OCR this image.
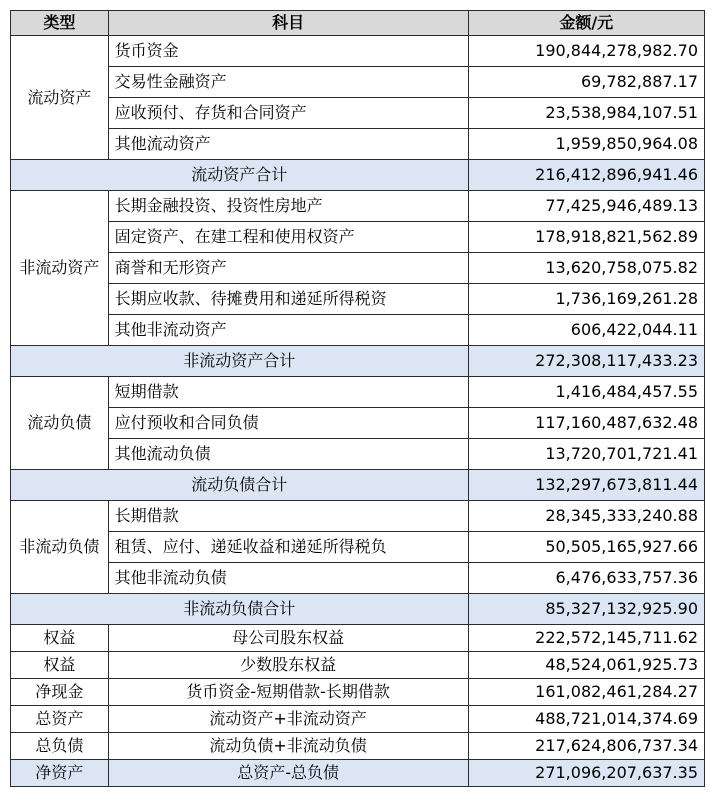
类型	科目	金额/元
流动资产	货币资金	190,844,278,982.70
	交易性金融资产	69,782,887.17
	应收预付、存货和合同资产	23,538,984,107.51
	其他流动资产	1,959,850,964.08
流动资产合计		216,412,896,941.46
非流动资产	长期金融投资、投资性房地产	77,425,946,489.13
	固定资产、在建工程和使用权资产	178,918,821,562.89
	商誉和无形资产	13,620,758,075.82
	长期应收款、待摊费用和递延所得税资	1,736,169,261.28
	其他非流动资产	606,422,044.11
非流动资产合计		272,308,117,433.23
流动负债	短期借款	1,416,484,457.55
	应付预收和合同负债	117,160,487,632.48
	其他流动负债	13,720,701,721.41
流动负债合计		132,297,673,811.44
非流动负债	长期借款	28,345,333,240.88
	租赁、应付、递延收益和递延所得税负	50,505,165,927.66
	其他非流动负债	6,476,633,757.36
非流动负债合计		85,327,132,925.90
权益	母公司股东权益	222,572,145,711.62
权益	少数股东权益	48,524,061,925.73
净现金	货币资金-短期借款-长期借款	161,082,461,284.27
总资产	流动资产+非流动资产	488,721,014,374.69
总负债	流动负债+非流动负债	217,624,806,737.34
净资产	总资产-总负债	271,096,207,637.35
